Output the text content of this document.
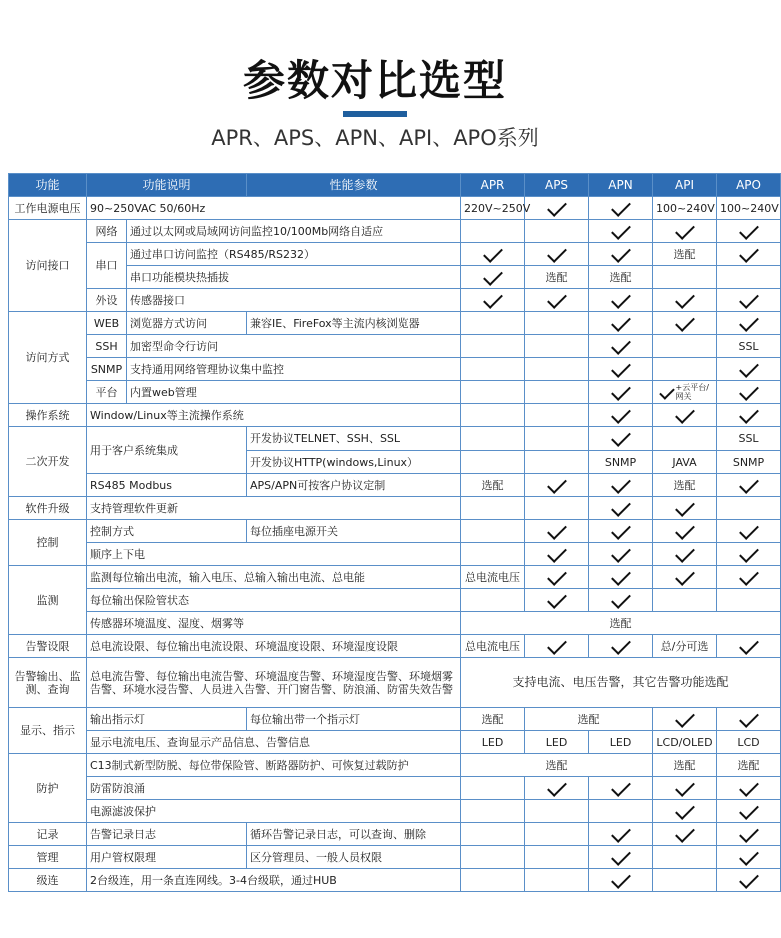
参数对比选型
APR、APS、APN、API、APO系列
功能	功能说明		性能参数	APR	APS	APN	API	APO
工作电源电压	90~250VAC 50/60Hz			220V~250V			100~240V	100~240V
访问接口	网络	通过以太网或局域网访问监控10/100Mb网络自适应						
	串口	通过串口访问监控（RS485/RS232）					选配	
		串口功能模块热插拔			选配	选配		
	外设	传感器接口						
访问方式	WEB	浏览器方式访问	兼容IE、FireFox等主流内核浏览器					
	SSH	加密型命令行访问						SSL
	SNMP	支持通用网络管理协议集中监控						
	平台	内置web管理					+云平台/网关	
操作系统	Window/Linux等主流操作系统							
二次开发	用于客户系统集成		开发协议TELNET、SSH、SSL					SSL
			开发协议HTTP(windows,Linux）			SNMP	JAVA	SNMP
	RS485 Modbus		APS/APN可按客户协议定制	选配			选配	
软件升级	支持管理软件更新							
控制	控制方式		每位插座电源开关					
	顺序上下电							
监测	监测每位输出电流，输入电压、总输入输出电流、总电能			总电流电压				
	每位输出保险管状态							
	传感器环境温度、湿度、烟雾等			选配				
告警设限	总电流设限、每位输出电流设限、环境温度设限、环境湿度设限			总电流电压			总/分可选	
告警输出、监测、查询	总电流告警、每位输出电流告警、环境温度告警、环境湿度告警、环境烟雾告警、环境水浸告警、人员进入告警、开门窗告警、防浪涌、防雷失效告警			支持电流、电压告警，其它告警功能选配				
显示、指示	输出指示灯		每位输出带一个指示灯	选配	选配			
	显示电流电压、查询显示产品信息、告警信息			LED	LED	LED	LCD/OLED	LCD
防护	C13制式新型防脱、每位带保险管、断路器防护、可恢复过载防护			选配			选配	选配
	防雷防浪涌							
	电源滤波保护							
记录	告警记录日志		循环告警记录日志，可以查询、删除					
管理	用户管权限理		区分管理员、一般人员权限					
级连	2台级连，用一条直连网线。3-4台级联，通过HUB							
